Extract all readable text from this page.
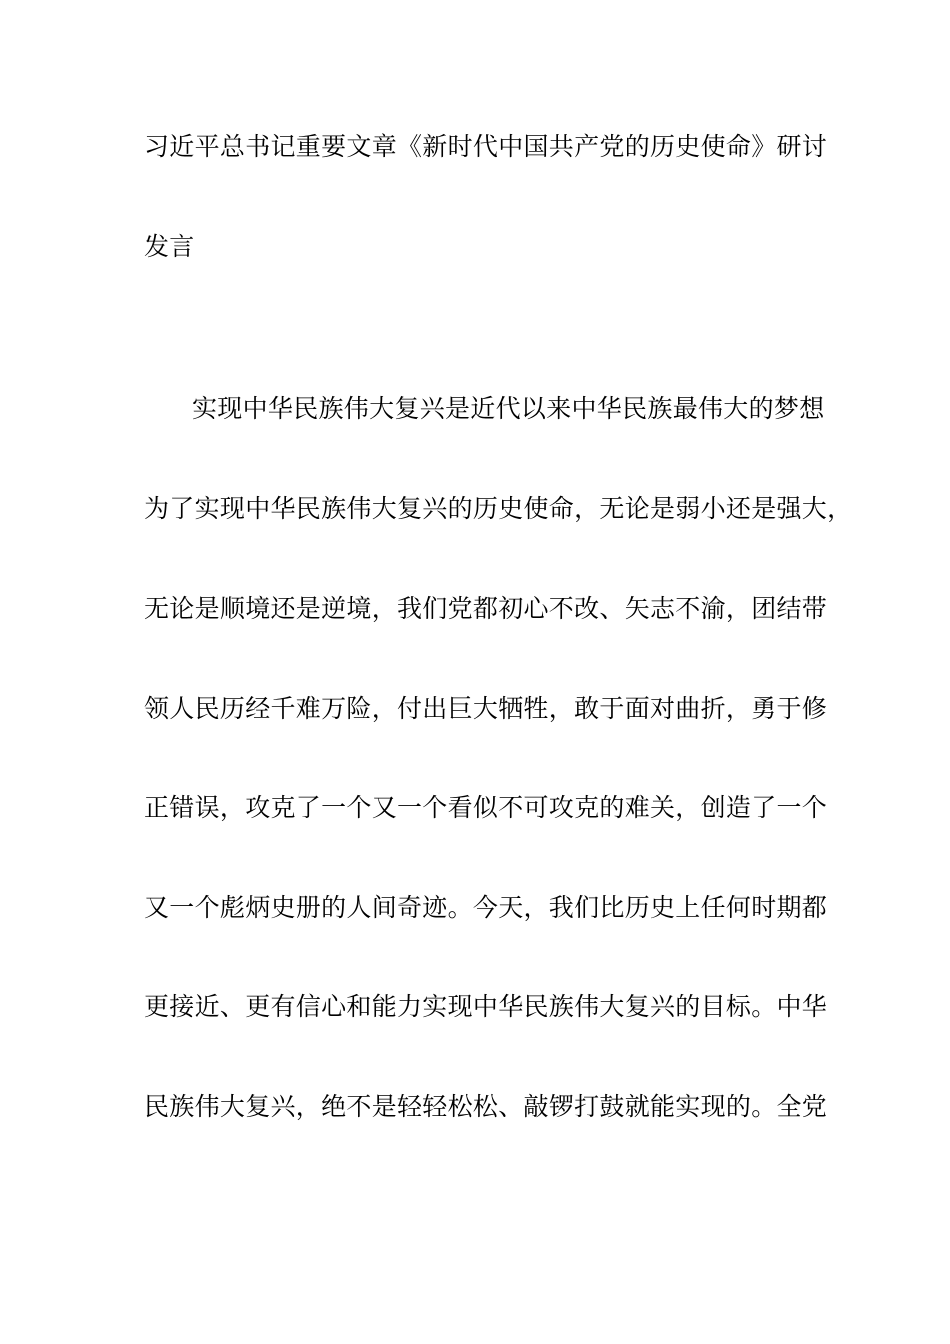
习近平总书记重要文章《新时代中国共产党的历史使命》研讨

发言

实现中华民族伟大复兴是近代以来中华民族最伟大的梦想

为了实现中华民族伟大复兴的历史使命，无论是弱小还是强大，

无论是顺境还是逆境，我们党都初心不改、矢志不渝，团结带

领人民历经千难万险，付出巨大牺牲，敢于面对曲折，勇于修

正错误，攻克了一个又一个看似不可攻克的难关，创造了一个

又一个彪炳史册的人间奇迹。今天，我们比历史上任何时期都

更接近、更有信心和能力实现中华民族伟大复兴的目标。中华

民族伟大复兴，绝不是轻轻松松、敲锣打鼓就能实现的。全党
